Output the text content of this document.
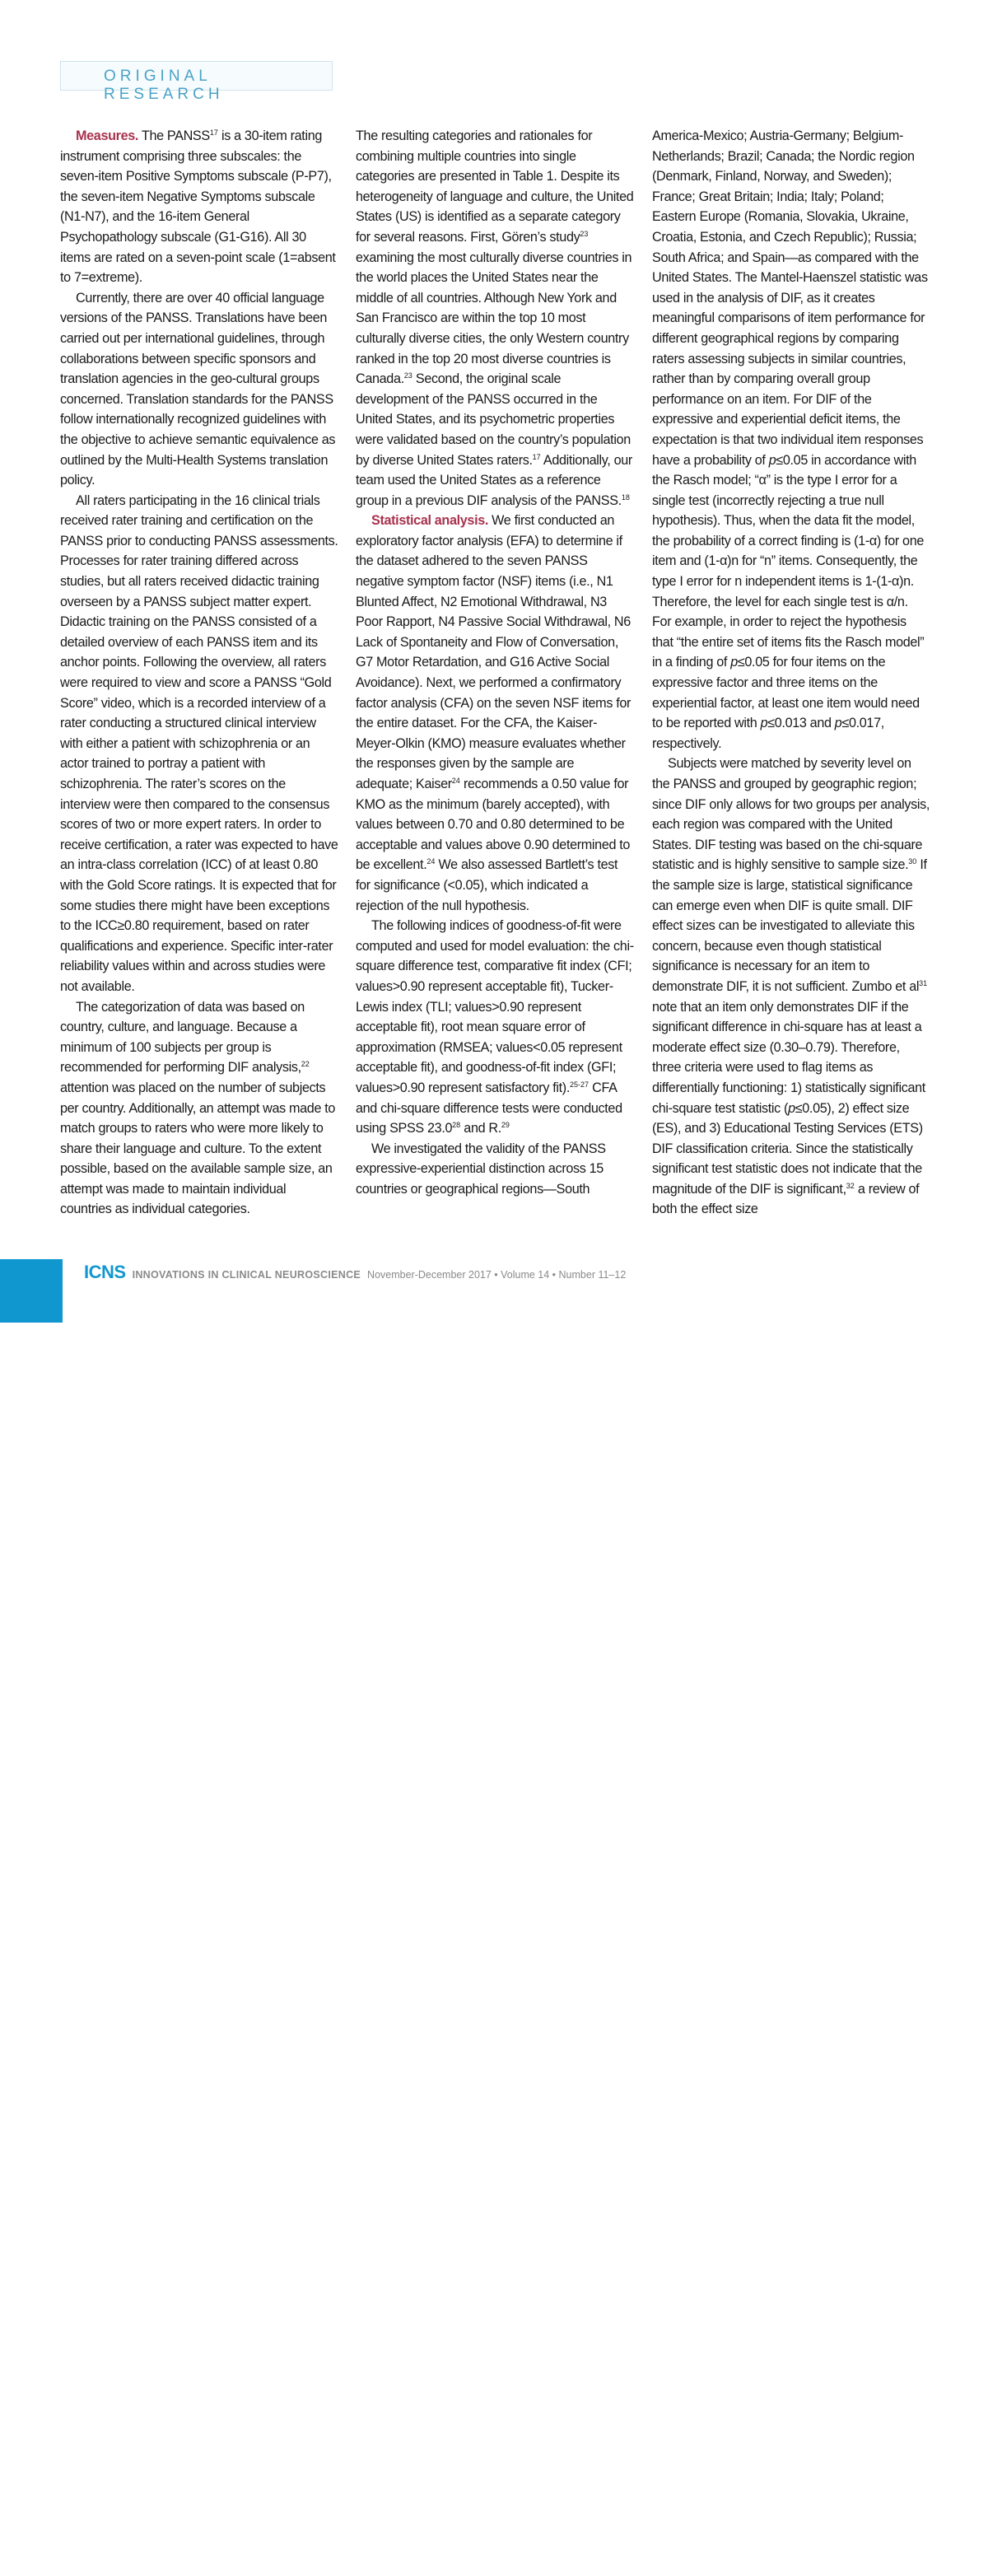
ORIGINAL RESEARCH

Measures. The PANSS$^{17}$ is a 30-item rating instrument comprising three subscales: the seven-item Positive Symptoms subscale (P-P7), the seven-item Negative Symptoms subscale (N1-N7), and the 16-item General Psychopathology subscale (G1-G16). All 30 items are rated on a seven-point scale (1=absent to 7=extreme).

Currently, there are over 40 official language versions of the PANSS. Translations have been carried out per international guidelines, through collaborations between specific sponsors and translation agencies in the geo-cultural groups concerned. Translation standards for the PANSS follow internationally recognized guidelines with the objective to achieve semantic equivalence as outlined by the Multi-Health Systems translation policy.

All raters participating in the 16 clinical trials received rater training and certification on the PANSS prior to conducting PANSS assessments. Processes for rater training differed across studies, but all raters received didactic training overseen by a PANSS subject matter expert. Didactic training on the PANSS consisted of a detailed overview of each PANSS item and its anchor points. Following the overview, all raters were required to view and score a PANSS “Gold Score” video, which is a recorded interview of a rater conducting a structured clinical interview with either a patient with schizophrenia or an actor trained to portray a patient with schizophrenia. The rater’s scores on the interview were then compared to the consensus scores of two or more expert raters. In order to receive certification, a rater was expected to have an intra-class correlation (ICC) of at least 0.80 with the Gold Score ratings. It is expected that for some studies there might have been exceptions to the ICC≥0.80 requirement, based on rater qualifications and experience. Specific inter-rater reliability values within and across studies were not available.

The categorization of data was based on country, culture, and language. Because a minimum of 100 subjects per group is recommended for performing DIF analysis,$^{22}$ attention was placed on the number of subjects per country. Additionally, an attempt was made to match groups to raters who were more likely to share their language and culture. To the extent possible, based on the available sample size, an attempt was made to maintain individual countries as individual categories.

The resulting categories and rationales for combining multiple countries into single categories are presented in Table 1. Despite its heterogeneity of language and culture, the United States (US) is identified as a separate category for several reasons. First, Gören’s study$^{23}$ examining the most culturally diverse countries in the world places the United States near the middle of all countries. Although New York and San Francisco are within the top 10 most culturally diverse cities, the only Western country ranked in the top 20 most diverse countries is Canada.$^{23}$ Second, the original scale development of the PANSS occurred in the United States, and its psychometric properties were validated based on the country’s population by diverse United States raters.$^{17}$ Additionally, our team used the United States as a reference group in a previous DIF analysis of the PANSS.$^{18}$

Statistical analysis. We first conducted an exploratory factor analysis (EFA) to determine if the dataset adhered to the seven PANSS negative symptom factor (NSF) items (i.e., N1 Blunted Affect, N2 Emotional Withdrawal, N3 Poor Rapport, N4 Passive Social Withdrawal, N6 Lack of Spontaneity and Flow of Conversation, G7 Motor Retardation, and G16 Active Social Avoidance). Next, we performed a confirmatory factor analysis (CFA) on the seven NSF items for the entire dataset. For the CFA, the Kaiser-Meyer-Olkin (KMO) measure evaluates whether the responses given by the sample are adequate; Kaiser$^{24}$ recommends a 0.50 value for KMO as the minimum (barely accepted), with values between 0.70 and 0.80 determined to be acceptable and values above 0.90 determined to be excellent.$^{24}$ We also assessed Bartlett’s test for significance (<0.05), which indicated a rejection of the null hypothesis.

The following indices of goodness-of-fit were computed and used for model evaluation: the chi-square difference test, comparative fit index (CFI; values>0.90 represent acceptable fit), Tucker-Lewis index (TLI; values>0.90 represent acceptable fit), root mean square error of approximation (RMSEA; values<0.05 represent acceptable fit), and goodness-of-fit index (GFI; values>0.90 represent satisfactory fit).$^{25-27}$ CFA and chi-square difference tests were conducted using SPSS 23.0$^{28}$ and R.$^{29}$

We investigated the validity of the PANSS expressive-experiential distinction across 15 countries or geographical regions—South

America-Mexico; Austria-Germany; Belgium-Netherlands; Brazil; Canada; the Nordic region (Denmark, Finland, Norway, and Sweden); France; Great Britain; India; Italy; Poland; Eastern Europe (Romania, Slovakia, Ukraine, Croatia, Estonia, and Czech Republic); Russia; South Africa; and Spain—as compared with the United States. The Mantel-Haenszel statistic was used in the analysis of DIF, as it creates meaningful comparisons of item performance for different geographical regions by comparing raters assessing subjects in similar countries, rather than by comparing overall group performance on an item. For DIF of the expressive and experiential deficit items, the expectation is that two individual item responses have a probability of p≤0.05 in accordance with the Rasch model; “α” is the type I error for a single test (incorrectly rejecting a true null hypothesis). Thus, when the data fit the model, the probability of a correct finding is (1-α) for one item and (1-α)n for “n” items. Consequently, the type I error for n independent items is 1-(1-α)n. Therefore, the level for each single test is α/n. For example, in order to reject the hypothesis that “the entire set of items fits the Rasch model” in a finding of p≤0.05 for four items on the expressive factor and three items on the experiential factor, at least one item would need to be reported with p≤0.013 and p≤0.017, respectively.

Subjects were matched by severity level on the PANSS and grouped by geographic region; since DIF only allows for two groups per analysis, each region was compared with the United States. DIF testing was based on the chi-square statistic and is highly sensitive to sample size.$^{30}$ If the sample size is large, statistical significance can emerge even when DIF is quite small. DIF effect sizes can be investigated to alleviate this concern, because even though statistical significance is necessary for an item to demonstrate DIF, it is not sufficient. Zumbo et $al^{31}$ note that an item only demonstrates DIF if the significant difference in chi-square has at least a moderate effect size (0.30–0.79). Therefore, three criteria were used to flag items as differentially functioning: 1) statistically significant chi-square test statistic (p≤0.05), 2) effect size (ES), and 3) Educational Testing Services (ETS) DIF classification criteria. Since the statistically significant test statistic does not indicate that the magnitude of the DIF is significant,$^{32}$ a review of both the effect size

32
ICNS INNOVATIONS IN CLINICAL NEUROSCIENCE November-December 2017 • Volume 14 • Number 11–12
